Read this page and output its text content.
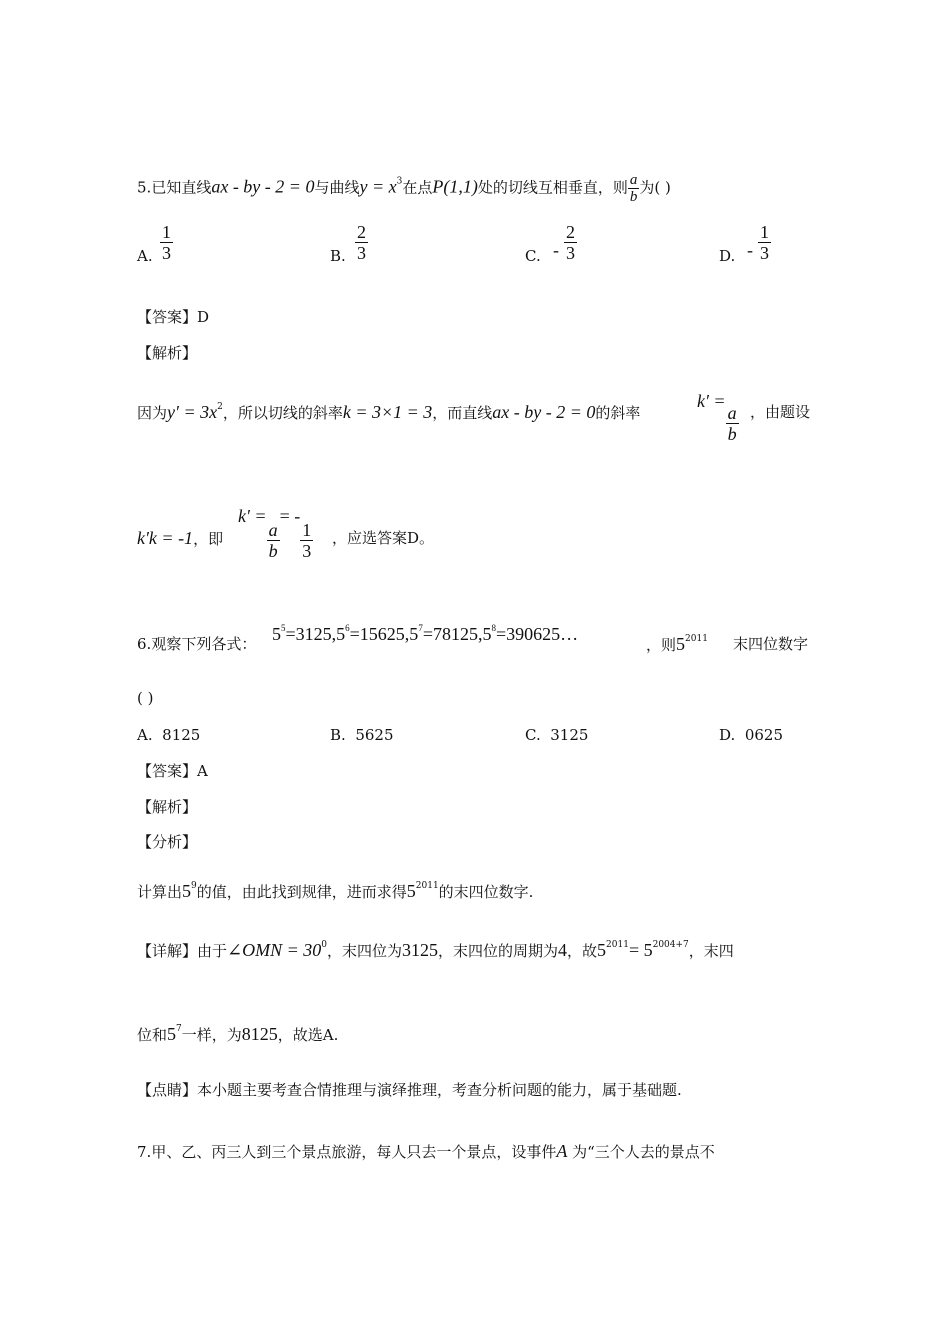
5.已知直线ax - by - 2 = 0与曲线$y = x^3$在点P(1,1)处的切线互相垂直，则 $\frac{a}{b}$ 为( )
A. $\frac{1}{3}$	B. $\frac{2}{3}$	C. - $\frac{2}{3}$	D. - $\frac{1}{3}$
【答案】D
【解析】
因为$y' = 3x^2$，所以切线的斜率k = 3×1 = 3，而直线ax - by - 2 = 0的斜率
k′ =
$\frac{a}{b}$ ，由题设
k′k = -1，即
k′ =
$\frac{a}{b}$
= -
$\frac{1}{3}$ ，应选答案D。
6.观察下列各式： $5^5=3125,5^6=15625,5^7=78125,5^8=390625\dots$
，则$5^{2011}$ 末四位数字
( )
A. 8125	B. 5625	C. 3125	D. 0625
【答案】A
【解析】
【分析】
计算出$5^9$的值，由此找到规律，进而求得$5^{2011}$的末四位数字.
【详解】由于∠OMN = $30^0$，末四位为3125，末四位的周期为4，故$5^{2011}= 5^{2004+7}$，末四
位和$5^7$一样，为8125，故选A.
【点睛】本小题主要考查合情推理与演绎推理，考查分析问题的能力，属于基础题.
7.甲、乙、丙三人到三个景点旅游，每人只去一个景点，设事件A 为“三个人去的景点不
